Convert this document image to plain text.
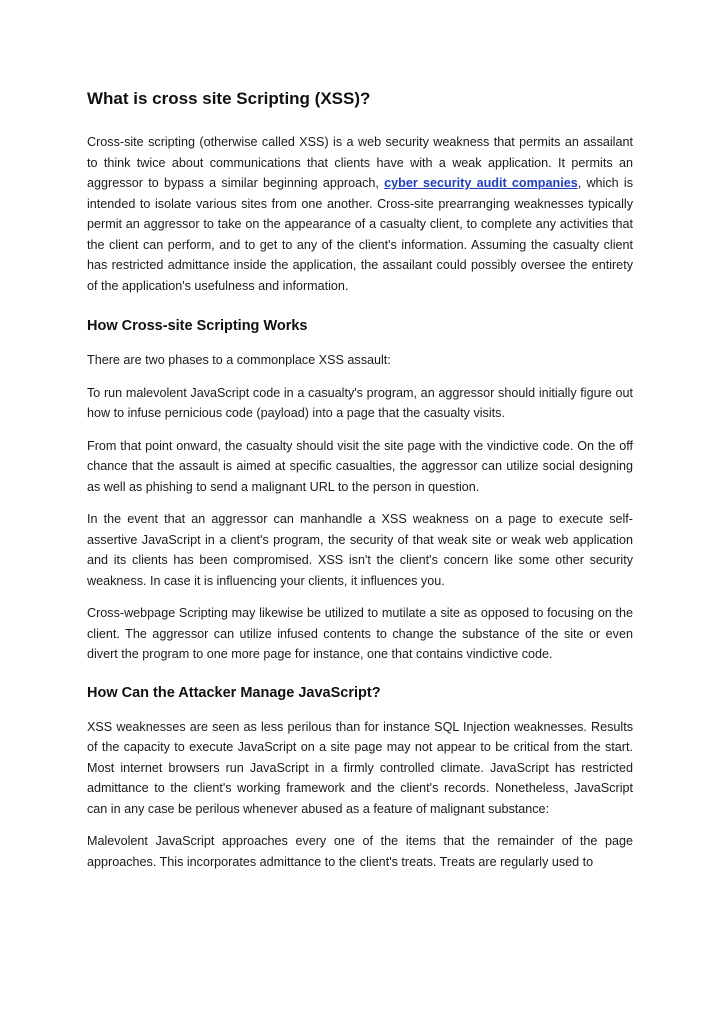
What is cross site Scripting (XSS)?

Cross-site scripting (otherwise called XSS) is a web security weakness that permits an assailant to think twice about communications that clients have with a weak application. It permits an aggressor to bypass a similar beginning approach, cyber security audit companies, which is intended to isolate various sites from one another. Cross-site prearranging weaknesses typically permit an aggressor to take on the appearance of a casualty client, to complete any activities that the client can perform, and to get to any of the client's information. Assuming the casualty client has restricted admittance inside the application, the assailant could possibly oversee the entirety of the application's usefulness and information.

How Cross-site Scripting Works

There are two phases to a commonplace XSS assault:

To run malevolent JavaScript code in a casualty's program, an aggressor should initially figure out how to infuse pernicious code (payload) into a page that the casualty visits.

From that point onward, the casualty should visit the site page with the vindictive code. On the off chance that the assault is aimed at specific casualties, the aggressor can utilize social designing as well as phishing to send a malignant URL to the person in question.

In the event that an aggressor can manhandle a XSS weakness on a page to execute self-assertive JavaScript in a client's program, the security of that weak site or weak web application and its clients has been compromised. XSS isn't the client's concern like some other security weakness. In case it is influencing your clients, it influences you.

Cross-webpage Scripting may likewise be utilized to mutilate a site as opposed to focusing on the client. The aggressor can utilize infused contents to change the substance of the site or even divert the program to one more page for instance, one that contains vindictive code.

How Can the Attacker Manage JavaScript?

XSS weaknesses are seen as less perilous than for instance SQL Injection weaknesses. Results of the capacity to execute JavaScript on a site page may not appear to be critical from the start. Most internet browsers run JavaScript in a firmly controlled climate. JavaScript has restricted admittance to the client's working framework and the client's records. Nonetheless, JavaScript can in any case be perilous whenever abused as a feature of malignant substance:

Malevolent JavaScript approaches every one of the items that the remainder of the page approaches. This incorporates admittance to the client's treats. Treats are regularly used to
